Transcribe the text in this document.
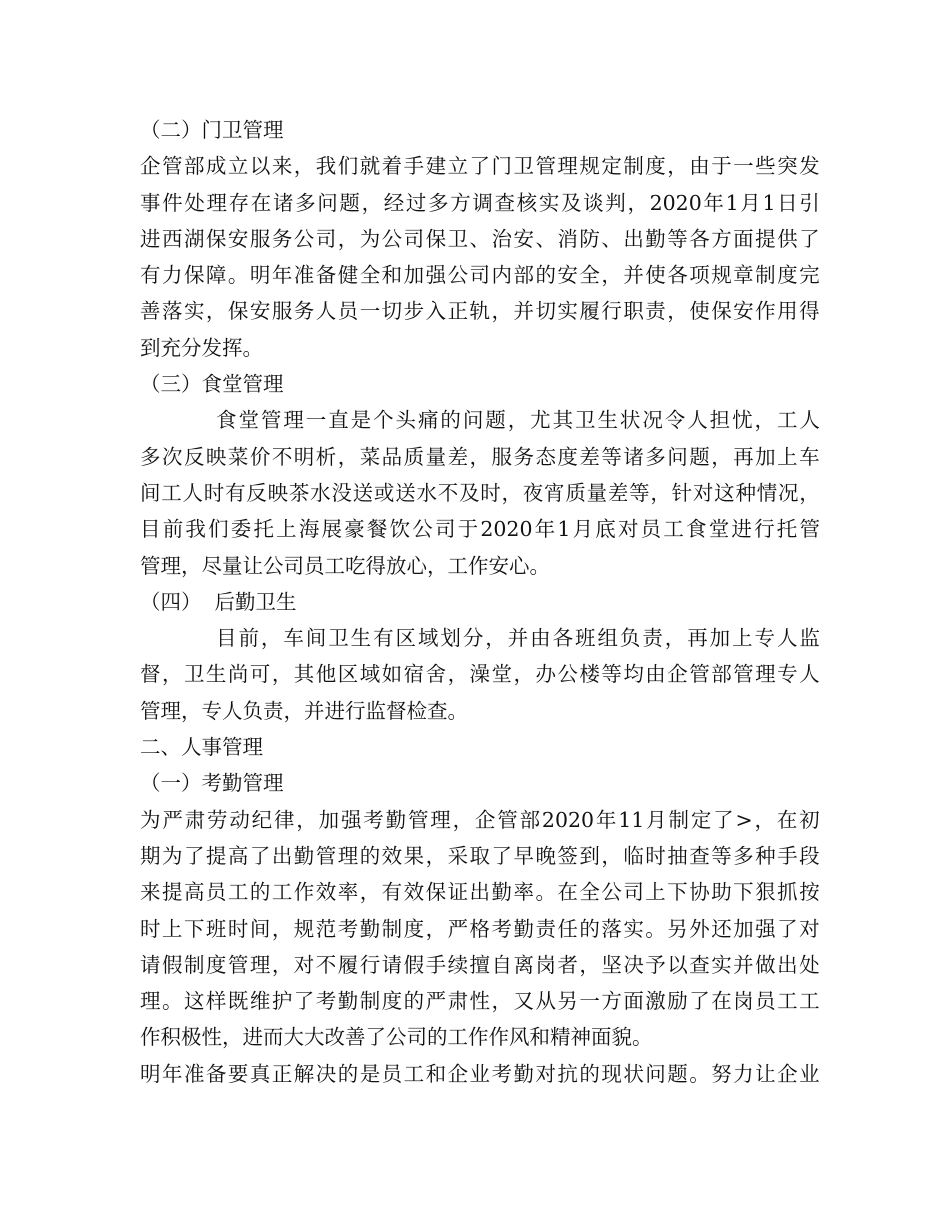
（二）门卫管理
企 管 部 成 立 以 来 ， 我 们 就 着 手 建 立 了 门 卫 管 理 规 定 制 度 ， 由 于 一 些 突 发
事 件 处 理 存 在 诸 多 问 题 ， 经 过 多 方 调 查 核 实 及 谈 判 ， 2020 年 1 月 1 日 引
进 西 湖 保 安 服 务 公 司 ， 为 公 司 保 卫 、 治 安 、 消 防 、 出 勤 等 各 方 面 提 供 了
有 力 保 障 。 明 年 准 备 健 全 和 加 强 公 司 内 部 的 安 全 ， 并 使 各 项 规 章 制 度 完
善 落 实 ， 保 安 服 务 人 员 一 切 步 入 正 轨 ， 并 切 实 履 行 职 责 ， 使 保 安 作 用 得
到充分发挥。
（三）食堂管理
食 堂 管 理 一 直 是 个 头 痛 的 问 题 ， 尤 其 卫 生 状 况 令 人 担 忧 ， 工 人
多 次 反 映 菜 价 不 明 析 ， 菜 品 质 量 差 ， 服 务 态 度 差 等 诸 多 问 题 ， 再 加 上 车
间 工 人 时 有 反 映 茶 水 没 送 或 送 水 不 及 时 ， 夜 宵 质 量 差 等 ， 针 对 这 种 情 况 ，
目 前 我 们 委 托 上 海 展 豪 餐 饮 公 司 于 2020 年 1 月 底 对 员 工 食 堂 进 行 托 管
管理，尽量让公司员工吃得放心，工作安心。
（四）  后勤卫生
目 前 ， 车 间 卫 生 有 区 域 划 分 ， 并 由 各 班 组 负 责 ， 再 加 上 专 人 监
督 ， 卫 生 尚 可 ， 其 他 区 域 如 宿 舍 ， 澡 堂 ， 办 公 楼 等 均 由 企 管 部 管 理 专 人
管理，专人负责，并进行监督检查。
二、人事管理
（一）考勤管理
为 严 肃 劳 动 纪 律 ， 加 强 考 勤 管 理 ， 企 管 部 2020 年 11 月 制 定 了 > ， 在 初
期 为 了 提 高 了 出 勤 管 理 的 效 果 ， 采 取 了 早 晚 签 到 ， 临 时 抽 查 等 多 种 手 段
来 提 高 员 工 的 工 作 效 率 ， 有 效 保 证 出 勤 率 。 在 全 公 司 上 下 协 助 下 狠 抓 按
时 上 下 班 时 间 ， 规 范 考 勤 制 度 ， 严 格 考 勤 责 任 的 落 实 。 另 外 还 加 强 了 对
请 假 制 度 管 理 ， 对 不 履 行 请 假 手 续 擅 自 离 岗 者 ， 坚 决 予 以 查 实 并 做 出 处
理 。 这 样 既 维 护 了 考 勤 制 度 的 严 肃 性 ， 又 从 另 一 方 面 激 励 了 在 岗 员 工 工
作积极性，进而大大改善了公司的工作作风和精神面貌。
明 年 准 备 要 真 正 解 决 的 是 员 工 和 企 业 考 勤 对 抗 的 现 状 问 题 。 努 力 让 企 业
